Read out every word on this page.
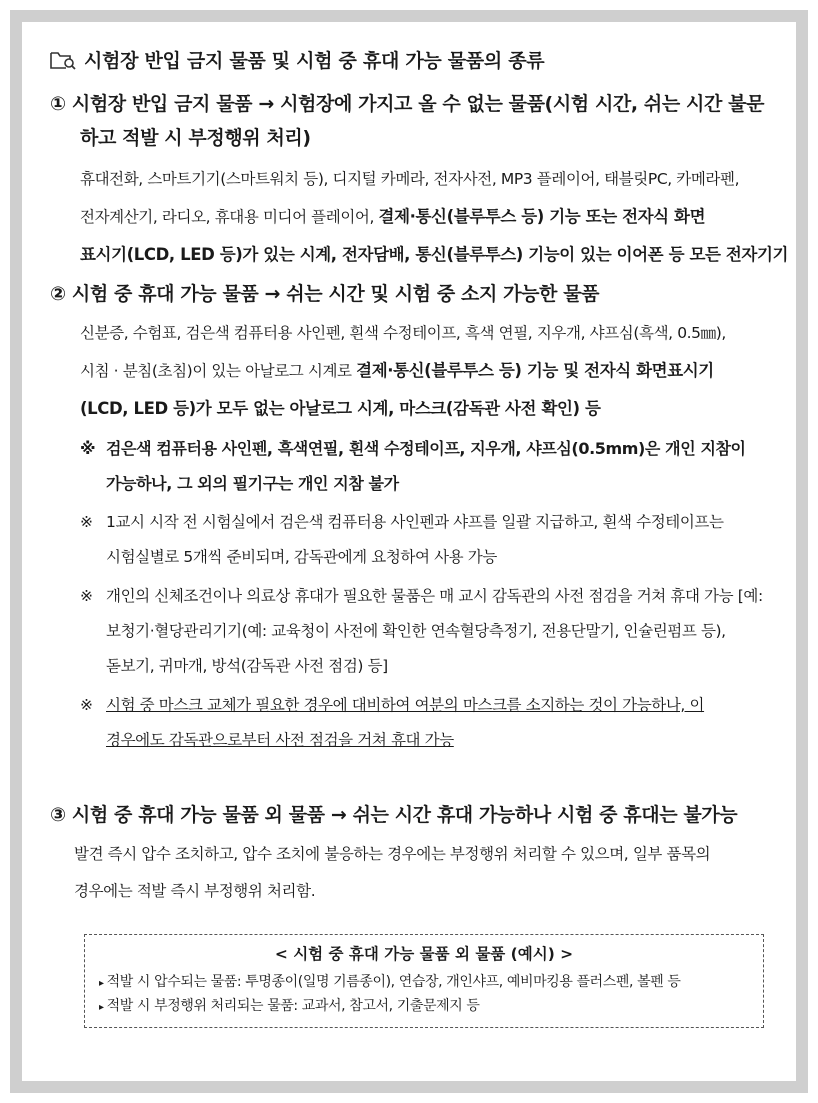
시험장 반입 금지 물품 및 시험 중 휴대 가능 물품의 종류
① 시험장 반입 금지 물품 → 시험장에 가지고 올 수 없는 물품(시험 시간, 쉬는 시간 불문
하고 적발 시 부정행위 처리)
휴대전화, 스마트기기(스마트워치 등), 디지털 카메라, 전자사전, MP3 플레이어, 태블릿PC, 카메라펜,
전자계산기, 라디오, 휴대용 미디어 플레이어, 결제·통신(블루투스 등) 기능 또는 전자식 화면
표시기(LCD, LED 등)가 있는 시계, 전자담배, 통신(블루투스) 기능이 있는 이어폰 등 모든 전자기기
② 시험 중 휴대 가능 물품 → 쉬는 시간 및 시험 중 소지 가능한 물품
신분증, 수험표, 검은색 컴퓨터용 사인펜, 흰색 수정테이프, 흑색 연필, 지우개, 샤프심(흑색, 0.5㎜),
시침 · 분침(초침)이 있는 아날로그 시계로 결제·통신(블루투스 등) 기능 및 전자식 화면표시기
(LCD, LED 등)가 모두 없는 아날로그 시계, 마스크(감독관 사전 확인) 등
※ 검은색 컴퓨터용 사인펜, 흑색연필, 흰색 수정테이프, 지우개, 샤프심(0.5mm)은 개인 지참이
가능하나, 그 외의 필기구는 개인 지참 불가
※ 1교시 시작 전 시험실에서 검은색 컴퓨터용 사인펜과 샤프를 일괄 지급하고, 흰색 수정테이프는
시험실별로 5개씩 준비되며, 감독관에게 요청하여 사용 가능
※ 개인의 신체조건이나 의료상 휴대가 필요한 물품은 매 교시 감독관의 사전 점검을 거쳐 휴대 가능 [예:
보청기·혈당관리기기(예: 교육청이 사전에 확인한 연속혈당측정기, 전용단말기, 인슐린펌프 등),
돋보기, 귀마개, 방석(감독관 사전 점검) 등]
※ 시험 중 마스크 교체가 필요한 경우에 대비하여 여분의 마스크를 소지하는 것이 가능하나, 이
경우에도 감독관으로부터 사전 점검을 거쳐 휴대 가능
③ 시험 중 휴대 가능 물품 외 물품 → 쉬는 시간 휴대 가능하나 시험 중 휴대는 불가능
발견 즉시 압수 조치하고, 압수 조치에 불응하는 경우에는 부정행위 처리할 수 있으며, 일부 품목의
경우에는 적발 즉시 부정행위 처리함.
< 시험 중 휴대 가능 물품 외 물품 (예시) >
▸ 적발 시 압수되는 물품: 투명종이(일명 기름종이), 연습장, 개인샤프, 예비마킹용 플러스펜, 볼펜 등
▸ 적발 시 부정행위 처리되는 물품: 교과서, 참고서, 기출문제지 등
